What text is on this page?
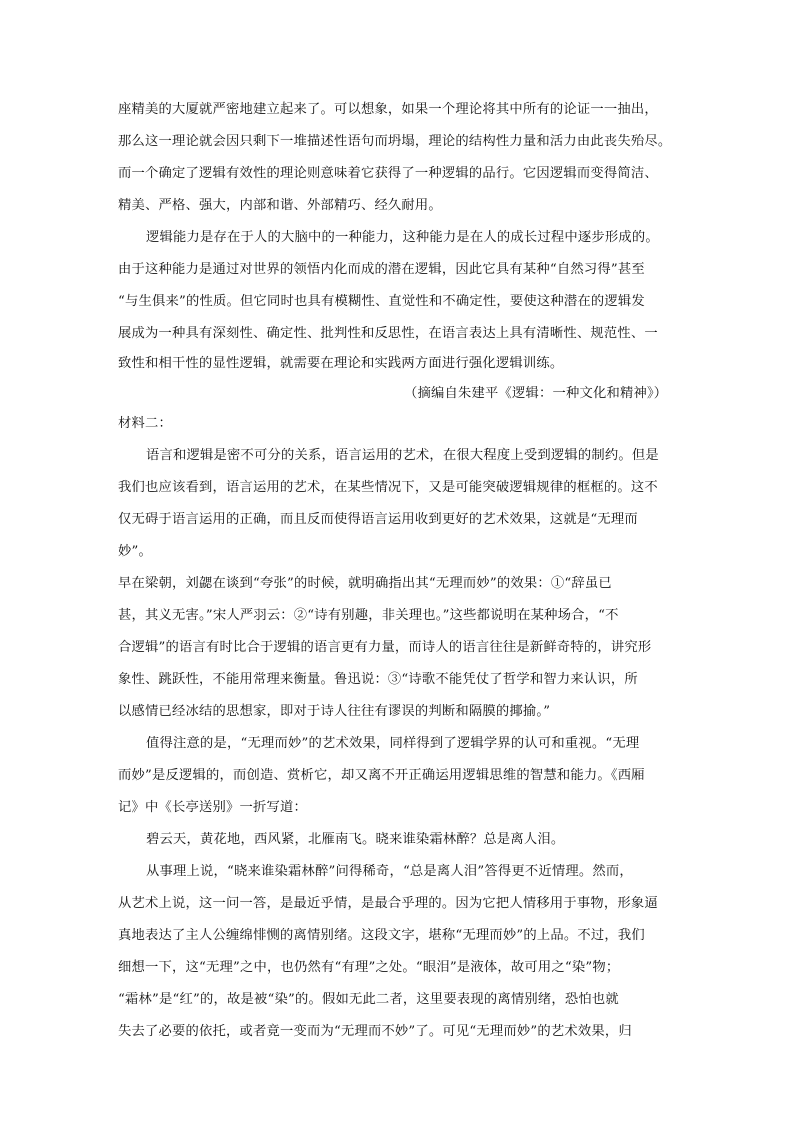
座精美的大厦就严密地建立起来了。可以想象，如果一个理论将其中所有的论证一一抽出，
那么这一理论就会因只剩下一堆描述性语句而坍塌，理论的结构性力量和活力由此丧失殆尽。
而一个确定了逻辑有效性的理论则意味着它获得了一种逻辑的品行。它因逻辑而变得简洁、
精美、严格、强大，内部和谐、外部精巧、经久耐用。
逻辑能力是存在于人的大脑中的一种能力，这种能力是在人的成长过程中逐步形成的。
由于这种能力是通过对世界的领悟内化而成的潜在逻辑，因此它具有某种“自然习得”甚至
“与生俱来”的性质。但它同时也具有模糊性、直觉性和不确定性，要使这种潜在的逻辑发
展成为一种具有深刻性、确定性、批判性和反思性，在语言表达上具有清晰性、规范性、一
致性和相干性的显性逻辑，就需要在理论和实践两方面进行强化逻辑训练。
（摘编自朱建平《逻辑：一种文化和精神》）
材料二：
语言和逻辑是密不可分的关系，语言运用的艺术，在很大程度上受到逻辑的制约。但是
我们也应该看到，语言运用的艺术，在某些情况下，又是可能突破逻辑规律的框框的。这不
仅无碍于语言运用的正确，而且反而使得语言运用收到更好的艺术效果，这就是“无理而
妙”。
早在梁朝，刘勰在谈到“夸张”的时候，就明确指出其“无理而妙”的效果：①“辞虽已
甚，其义无害。”宋人严羽云：②“诗有别趣，非关理也。”这些都说明在某种场合，“不
合逻辑”的语言有时比合于逻辑的语言更有力量，而诗人的语言往往是新鲜奇特的，讲究形
象性、跳跃性，不能用常理来衡量。鲁迅说：③“诗歌不能凭仗了哲学和智力来认识，所
以感情已经冰结的思想家，即对于诗人往往有谬误的判断和隔膜的揶揄。”
值得注意的是，“无理而妙”的艺术效果，同样得到了逻辑学界的认可和重视。“无理
而妙”是反逻辑的，而创造、赏析它，却又离不开正确运用逻辑思维的智慧和能力。《西厢
记》中《长亭送别》一折写道：
碧云天，黄花地，西风紧，北雁南飞。晓来谁染霜林醉？总是离人泪。
从事理上说，“晓来谁染霜林醉”问得稀奇，“总是离人泪”答得更不近情理。然而，
从艺术上说，这一问一答，是最近乎情，是最合乎理的。因为它把人情移用于事物，形象逼
真地表达了主人公缠绵悱恻的离情别绪。这段文字，堪称“无理而妙”的上品。不过，我们
细想一下，这“无理”之中，也仍然有“有理”之处。“眼泪”是液体，故可用之“染”物；
“霜林”是“红”的，故是被“染”的。假如无此二者，这里要表现的离情别绪，恐怕也就
失去了必要的依托，或者竟一变而为“无理而不妙”了。可见“无理而妙”的艺术效果，归
